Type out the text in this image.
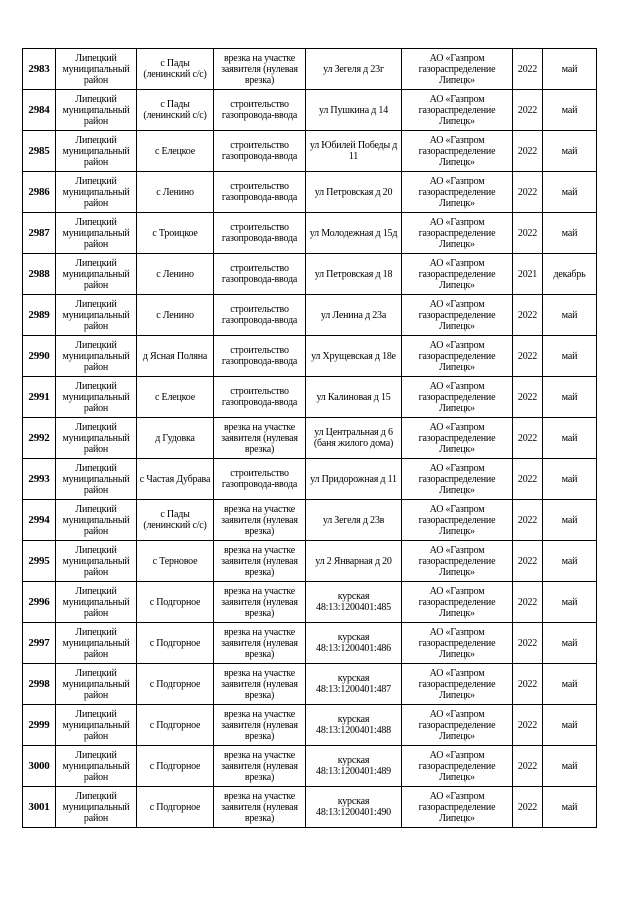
2983	Липецкий муниципальный район	с Пады (ленинский с/с)	врезка на участке заявителя (нулевая врезка)	ул Зегеля д 23г	АО «Газпром газораспределение Липецк»	2022	май
2984	Липецкий муниципальный район	с Пады (ленинский с/с)	строительство газопровода-ввода	ул Пушкина д 14	АО «Газпром газораспределение Липецк»	2022	май
2985	Липецкий муниципальный район	с Елецкое	строительство газопровода-ввода	ул Юбилей Победы д 11	АО «Газпром газораспределение Липецк»	2022	май
2986	Липецкий муниципальный район	с Ленино	строительство газопровода-ввода	ул Петровская д 20	АО «Газпром газораспределение Липецк»	2022	май
2987	Липецкий муниципальный район	с Троицкое	строительство газопровода-ввода	ул Молодежная д 15д	АО «Газпром газораспределение Липецк»	2022	май
2988	Липецкий муниципальный район	с Ленино	строительство газопровода-ввода	ул Петровская д 18	АО «Газпром газораспределение Липецк»	2021	декабрь
2989	Липецкий муниципальный район	с Ленино	строительство газопровода-ввода	ул Ленина д 23а	АО «Газпром газораспределение Липецк»	2022	май
2990	Липецкий муниципальный район	д Ясная Поляна	строительство газопровода-ввода	ул Хрущевская д 18е	АО «Газпром газораспределение Липецк»	2022	май
2991	Липецкий муниципальный район	с Елецкое	строительство газопровода-ввода	ул Калиновая д 15	АО «Газпром газораспределение Липецк»	2022	май
2992	Липецкий муниципальный район	д Гудовка	врезка на участке заявителя (нулевая врезка)	ул Центральная д 6 (баня жилого дома)	АО «Газпром газораспределение Липецк»	2022	май
2993	Липецкий муниципальный район	с Частая Дубрава	строительство газопровода-ввода	ул Придорожная д 11	АО «Газпром газораспределение Липецк»	2022	май
2994	Липецкий муниципальный район	с Пады (ленинский с/с)	врезка на участке заявителя (нулевая врезка)	ул Зегеля д 23в	АО «Газпром газораспределение Липецк»	2022	май
2995	Липецкий муниципальный район	с Терновое	врезка на участке заявителя (нулевая врезка)	ул 2 Январная д 20	АО «Газпром газораспределение Липецк»	2022	май
2996	Липецкий муниципальный район	с Подгорное	врезка на участке заявителя (нулевая врезка)	курская 48:13:1200401:485	АО «Газпром газораспределение Липецк»	2022	май
2997	Липецкий муниципальный район	с Подгорное	врезка на участке заявителя (нулевая врезка)	курская 48:13:1200401:486	АО «Газпром газораспределение Липецк»	2022	май
2998	Липецкий муниципальный район	с Подгорное	врезка на участке заявителя (нулевая врезка)	курская 48:13:1200401:487	АО «Газпром газораспределение Липецк»	2022	май
2999	Липецкий муниципальный район	с Подгорное	врезка на участке заявителя (нулевая врезка)	курская 48:13:1200401:488	АО «Газпром газораспределение Липецк»	2022	май
3000	Липецкий муниципальный район	с Подгорное	врезка на участке заявителя (нулевая врезка)	курская 48:13:1200401:489	АО «Газпром газораспределение Липецк»	2022	май
3001	Липецкий муниципальный район	с Подгорное	врезка на участке заявителя (нулевая врезка)	курская 48:13:1200401:490	АО «Газпром газораспределение Липецк»	2022	май
